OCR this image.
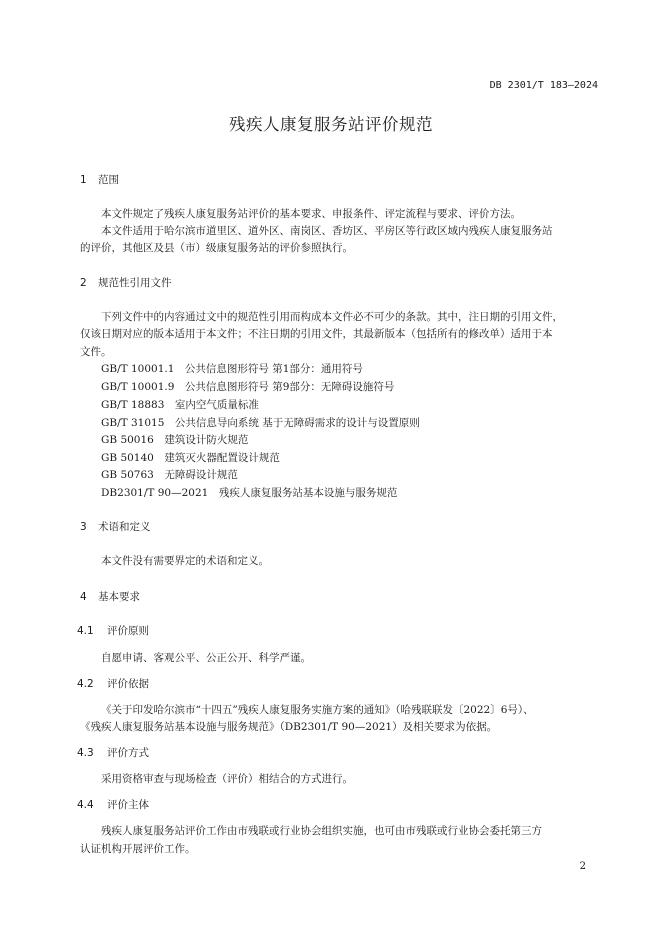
DB 2301/T 183—2024
残疾人康复服务站评价规范
1 范围
本文件规定了残疾人康复服务站评价的基本要求、申报条件、评定流程与要求、评价方法。
本文件适用于哈尔滨市道里区、道外区、南岗区、香坊区、平房区等行政区域内残疾人康复服务站
的评价，其他区及县（市）级康复服务站的评价参照执行。
2 规范性引用文件
下列文件中的内容通过文中的规范性引用而构成本文件必不可少的条款。其中，注日期的引用文件，
仅该日期对应的版本适用于本文件；不注日期的引用文件，其最新版本（包括所有的修改单）适用于本
文件。
GB/T 10001.1　公共信息图形符号 第1部分：通用符号
GB/T 10001.9　公共信息图形符号 第9部分：无障碍设施符号
GB/T 18883　室内空气质量标准
GB/T 31015　公共信息导向系统 基于无障碍需求的设计与设置原则
GB 50016　建筑设计防火规范
GB 50140　建筑灭火器配置设计规范
GB 50763　无障碍设计规范
DB2301/T 90—2021　残疾人康复服务站基本设施与服务规范
3 术语和定义
本文件没有需要界定的术语和定义。
4 基本要求
4.1 评价原则
自愿申请、客观公平、公正公开、科学严谨。
4.2 评价依据
《关于印发哈尔滨市“十四五”残疾人康复服务实施方案的通知》（哈残联联发〔2022〕6号）、
《残疾人康复服务站基本设施与服务规范》（DB2301/T 90—2021）及相关要求为依据。
4.3 评价方式
采用资格审查与现场检查（评价）相结合的方式进行。
4.4 评价主体
残疾人康复服务站评价工作由市残联或行业协会组织实施，也可由市残联或行业协会委托第三方
认证机构开展评价工作。
2
